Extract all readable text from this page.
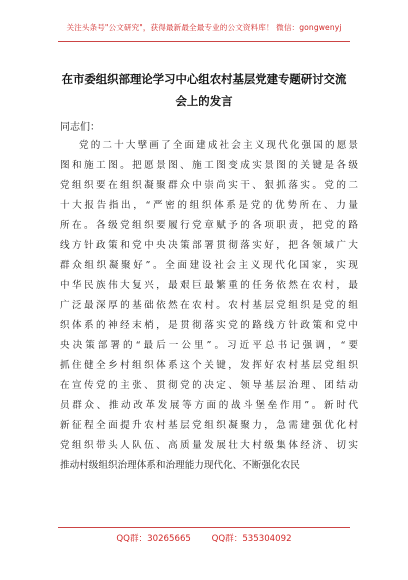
关注头条号"公文研究"，获得最新最全最专业的公文资料库！ 微信：gongwenyj
在市委组织部理论学习中心组农村基层党建专题研讨交流
会上的发言
同志们：
党的二十大擘画了全面建成社会主义现代化强国的愿景
图和施工图。把愿景图、施工图变成实景图的关键是各级
党组织要在组织凝聚群众中崇尚实干、狠抓落实。党的二
十大报告指出，“严密的组织体系是党的优势所在、力量
所在。各级党组织要履行党章赋予的各项职责，把党的路
线方针政策和党中央决策部署贯彻落实好，把各领域广大
群众组织凝聚好”。全面建设社会主义现代化国家，实现
中华民族伟大复兴，最艰巨最繁重的任务依然在农村，最
广泛最深厚的基础依然在农村。农村基层党组织是党的组
织体系的神经末梢，是贯彻落实党的路线方针政策和党中
央决策部署的“最后一公里”。习近平总书记强调，“要
抓住健全乡村组织体系这个关键，发挥好农村基层党组织
在宣传党的主张、贯彻党的决定、领导基层治理、团结动
员群众、推动改革发展等方面的战斗堡垒作用”。新时代
新征程全面提升农村基层党组织凝聚力，急需建强优化村
党组织带头人队伍、高质量发展壮大村级集体经济、切实
推动村级组织治理体系和治理能力现代化、不断强化农民
QQ群：30265665 QQ群：535304092
